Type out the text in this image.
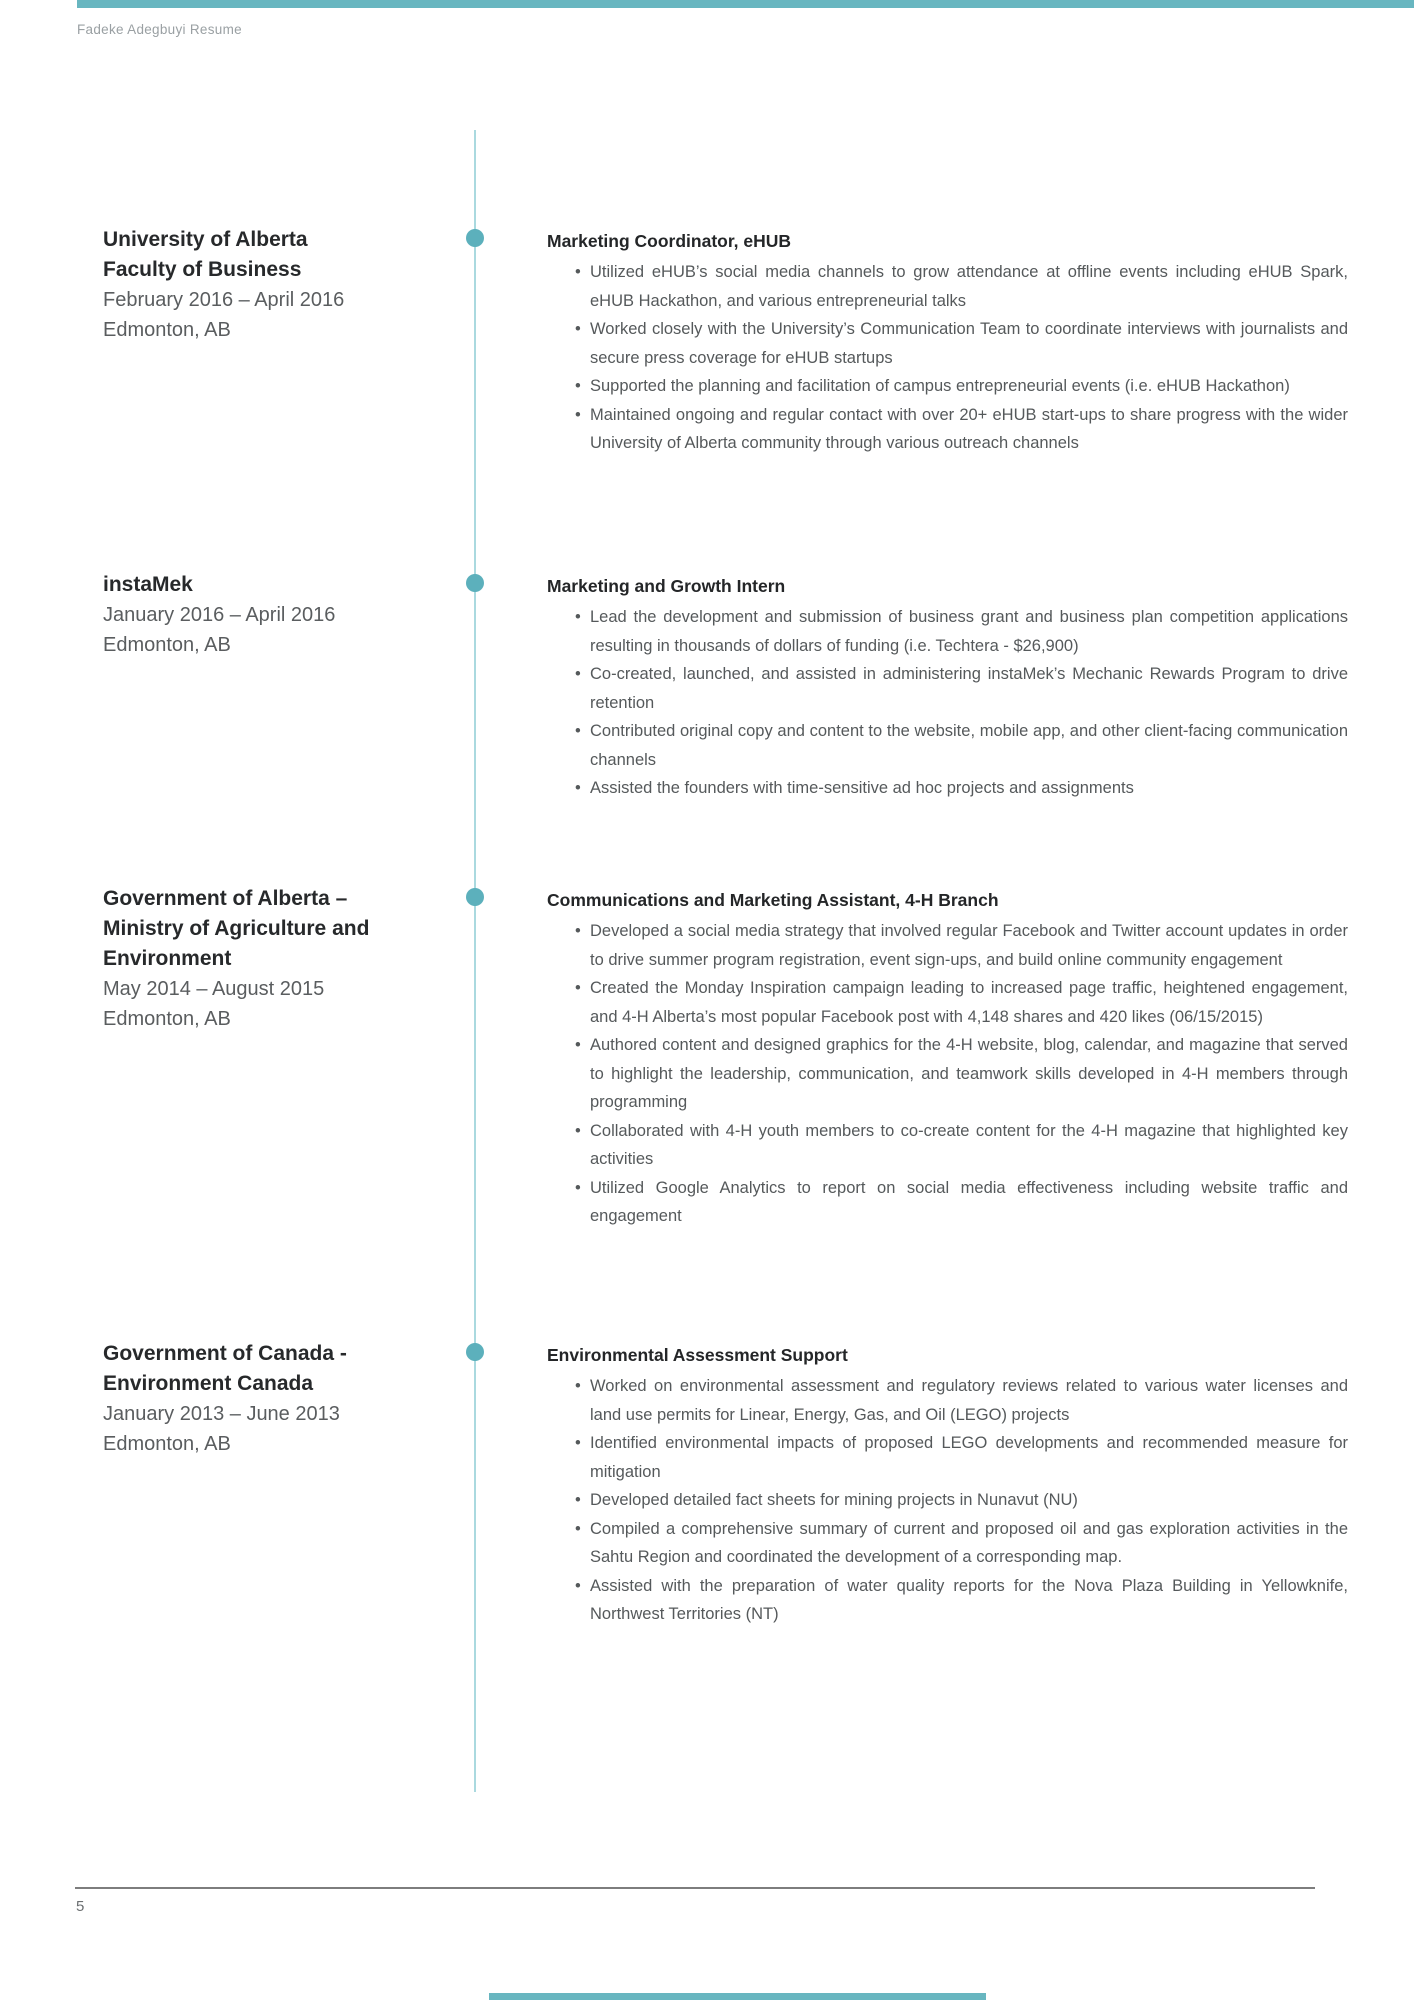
Fadeke Adegbuyi Resume
University of Alberta
Faculty of Business
February 2016 – April 2016
Edmonton, AB
Marketing Coordinator, eHUB
• Utilized eHUB’s social media channels to grow attendance at offline events including eHUB Spark, eHUB Hackathon, and various entrepreneurial talks
• Worked closely with the University’s Communication Team to coordinate interviews with journalists and secure press coverage for eHUB startups
• Supported the planning and facilitation of campus entrepreneurial events (i.e. eHUB Hackathon)
• Maintained ongoing and regular contact with over 20+ eHUB start-ups to share progress with the wider University of Alberta community through various outreach channels
instaMek
January 2016 – April 2016
Edmonton, AB
Marketing and Growth Intern
• Lead the development and submission of business grant and business plan competition applications resulting in thousands of dollars of funding (i.e. Techtera - $26,900)
• Co-created, launched, and assisted in administering instaMek’s Mechanic Rewards Program to drive retention
• Contributed original copy and content to the website, mobile app, and other client-facing communication channels
• Assisted the founders with time-sensitive ad hoc projects and assignments
Government of Alberta –
Ministry of Agriculture and
Environment
May 2014 – August 2015
Edmonton, AB
Communications and Marketing Assistant, 4-H Branch
• Developed a social media strategy that involved regular Facebook and Twitter account updates in order to drive summer program registration, event sign-ups, and build online community engagement
• Created the Monday Inspiration campaign leading to increased page traffic, heightened engagement, and 4-H Alberta’s most popular Facebook post with 4,148 shares and 420 likes (06/15/2015)
• Authored content and designed graphics for the 4-H website, blog, calendar, and magazine that served to highlight the leadership, communication, and teamwork skills developed in 4-H members through programming
• Collaborated with 4-H youth members to co-create content for the 4-H magazine that highlighted key activities
• Utilized Google Analytics to report on social media effectiveness including website traffic and engagement
Government of Canada -
Environment Canada
January 2013 – June 2013
Edmonton, AB
Environmental Assessment Support
• Worked on environmental assessment and regulatory reviews related to various water licenses and land use permits for Linear, Energy, Gas, and Oil (LEGO) projects
• Identified environmental impacts of proposed LEGO developments and recommended measure for mitigation
• Developed detailed fact sheets for mining projects in Nunavut (NU)
• Compiled a comprehensive summary of current and proposed oil and gas exploration activities in the Sahtu Region and coordinated the development of a corresponding map.
• Assisted with the preparation of water quality reports for the Nova Plaza Building in Yellowknife, Northwest Territories (NT)
5
